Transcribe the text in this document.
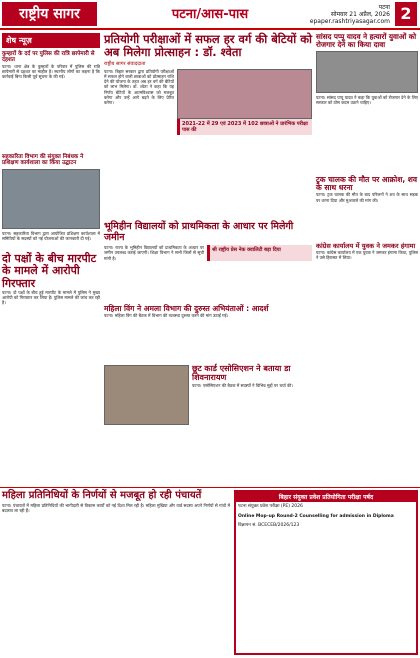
राष्ट्रीय सागर	पटना/आस-पास	पटना
सोमवार 21 अप्रैल, 2026
epaper.rashtriyasagar.com 2
शेष न्यूज़
कुम्हारों के दर्द पर पुलिस की रात्रि छापेमारी से दहशत
पटना। थाना क्षेत्र के कुम्हारों के परिवार में पुलिस की रात्रि छापेमारी से दहशत का माहौल है। स्थानीय लोगों का कहना है कि कार्रवाई बिना किसी पूर्व सूचना के की गई।
सहकारिता विभाग की संयुक्त निबंधक ने प्रशिक्षण कार्यशाला का किया उद्घाटन
पटना। सहकारिता विभाग द्वारा आयोजित प्रशिक्षण कार्यशाला में समितियों के सदस्यों को नई योजनाओं की जानकारी दी गई।
दो पक्षों के बीच मारपीट के मामले में आरोपी गिरफ्तार
पटना। दो पक्षों के बीच हुई मारपीट के मामले में पुलिस ने मुख्य आरोपी को गिरफ्तार कर लिया है। पुलिस मामले की जांच कर रही है।
प्रतियोगी परीक्षाओं में सफल हर वर्ग की बेटियों को अब मिलेगा प्रोत्साहन : डॉ. श्वेता
राष्ट्रीय सागर संवाददाता
पटना। बिहार सरकार द्वारा प्रतियोगी परीक्षाओं में सफल होने वाली छात्राओं को प्रोत्साहन राशि देने की योजना के तहत अब हर वर्ग की बेटियों को लाभ मिलेगा। डॉ. श्वेता ने कहा कि यह निर्णय बेटियों के आत्मविश्वास को मजबूत करेगा और उन्हें आगे बढ़ने के लिए प्रेरित करेगा।
2021-22 में 29 एवं 2023 में 102 छात्राओं ने प्रारंभिक परीक्षा पास की
भूमिहीन विद्यालयों को प्राथमिकता के आधार पर मिलेगी जमीन
पटना। राज्य के भूमिहीन विद्यालयों को प्राथमिकता के आधार पर जमीन उपलब्ध कराई जाएगी। शिक्षा विभाग ने सभी जिलों से सूची मांगी है।
श्री राष्ट्रीय प्रेस नेक क्वालिटी बड़ा दिया
महिला विंग ने अमला विभाग की दुरुस्त अभियंताओं : आदर्श
पटना। महिला विंग की बैठक में विभाग की व्यवस्था दुरुस्त करने की मांग उठाई गई।
छूट कार्ड एसोसिएशन ने बताया डा शिवनारायण
पटना। एसोसिएशन की बैठक में सदस्यों ने विभिन्न मुद्दों पर चर्चा की।
सांसद पप्पू यादव ने हत्यारों युवाओं को रोजगार देने का किया दावा
पटना। सांसद पप्पू यादव ने कहा कि युवाओं को रोजगार देने के लिए सरकार को ठोस कदम उठाने चाहिए।
ट्रक चालक की मौत पर आक्रोश, शव के साथ धरना
पटना। ट्रक चालक की मौत के बाद परिजनों ने शव के साथ सड़क पर धरना दिया और मुआवजे की मांग की।
कांग्रेस कार्यालय में युवक ने जमकर हंगामा
पटना। कांग्रेस कार्यालय में एक युवक ने जमकर हंगामा किया, पुलिस ने उसे हिरासत में लिया।
महिला प्रतिनिधियों के निर्णयों से मजबूत हो रही पंचायतें
पटना। पंचायतों में महिला प्रतिनिधियों की भागीदारी से विकास कार्यों को नई दिशा मिल रही है। महिला मुखिया और वार्ड सदस्य अपने निर्णयों से गांवों में बदलाव ला रही हैं।
बिहार संयुक्त प्रवेश प्रतियोगिता परीक्षा पर्षद
पटना संयुक्त प्रवेश परीक्षा (PE) 2026
Online Mop-up Round-2 Counselling for admission in Diploma
विज्ञापन सं. BCECEB/2026/123
